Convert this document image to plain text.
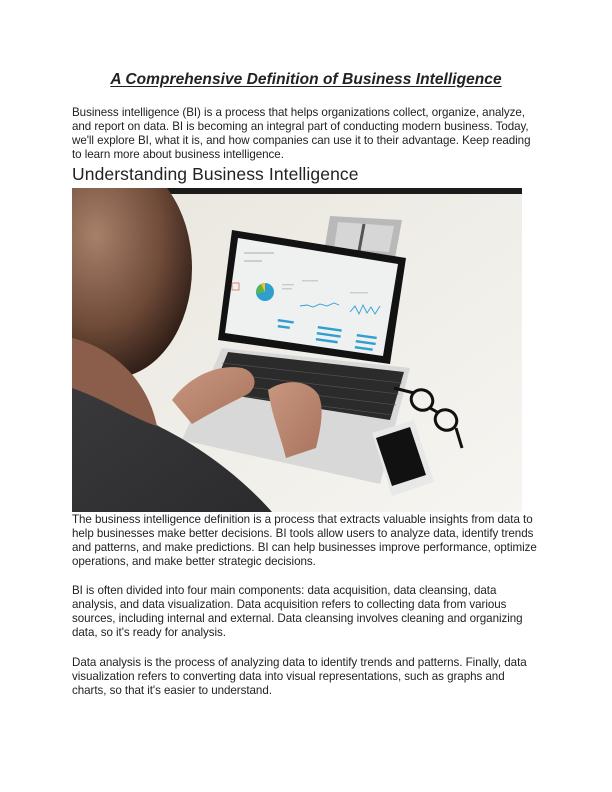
A Comprehensive Definition of Business Intelligence

Business intelligence (BI) is a process that helps organizations collect, organize, analyze, and report on data. BI is becoming an integral part of conducting modern business. Today, we'll explore BI, what it is, and how companies can use it to their advantage. Keep reading to learn more about business intelligence.

Understanding Business Intelligence

The business intelligence definition is a process that extracts valuable insights from data to help businesses make better decisions. BI tools allow users to analyze data, identify trends and patterns, and make predictions. BI can help businesses improve performance, optimize operations, and make better strategic decisions.

BI is often divided into four main components: data acquisition, data cleansing, data analysis, and data visualization. Data acquisition refers to collecting data from various sources, including internal and external. Data cleansing involves cleaning and organizing data, so it's ready for analysis.

Data analysis is the process of analyzing data to identify trends and patterns. Finally, data visualization refers to converting data into visual representations, such as graphs and charts, so that it's easier to understand.
